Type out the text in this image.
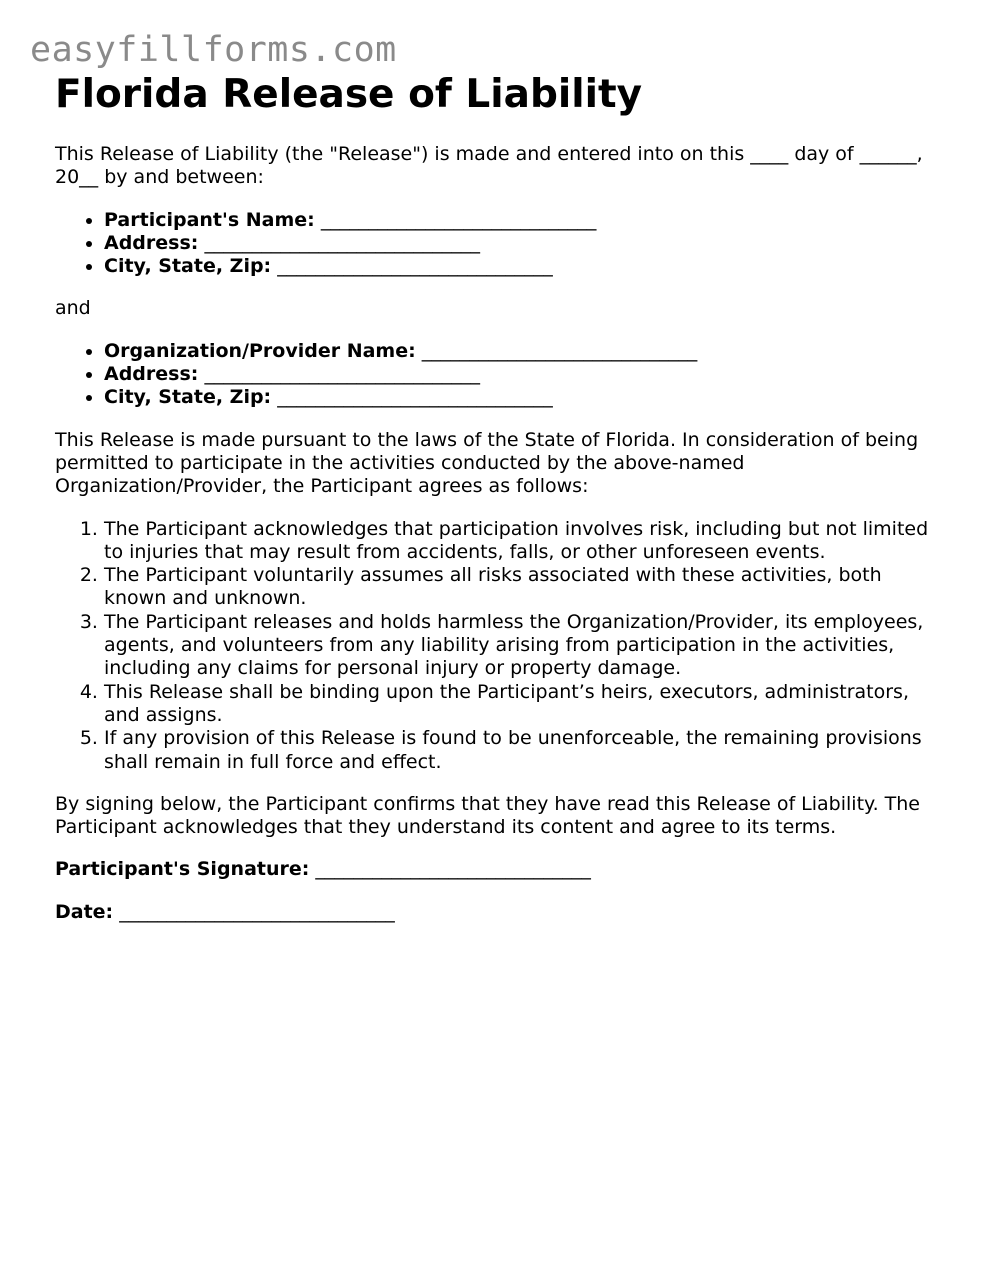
easyfillforms.com
Florida Release of Liability

This Release of Liability (the "Release") is made and entered into on this ____ day of ______, 20__ by and between:

• Participant's Name: _____________________________
• Address: _____________________________
• City, State, Zip: _____________________________

and

• Organization/Provider Name: _____________________________
• Address: _____________________________
• City, State, Zip: _____________________________

This Release is made pursuant to the laws of the State of Florida. In consideration of being permitted to participate in the activities conducted by the above-named Organization/Provider, the Participant agrees as follows:

1. The Participant acknowledges that participation involves risk, including but not limited to injuries that may result from accidents, falls, or other unforeseen events.
2. The Participant voluntarily assumes all risks associated with these activities, both known and unknown.
3. The Participant releases and holds harmless the Organization/Provider, its employees, agents, and volunteers from any liability arising from participation in the activities, including any claims for personal injury or property damage.
4. This Release shall be binding upon the Participant’s heirs, executors, administrators, and assigns.
5. If any provision of this Release is found to be unenforceable, the remaining provisions shall remain in full force and effect.

By signing below, the Participant confirms that they have read this Release of Liability. The Participant acknowledges that they understand its content and agree to its terms.

Participant's Signature: _____________________________

Date: _____________________________
